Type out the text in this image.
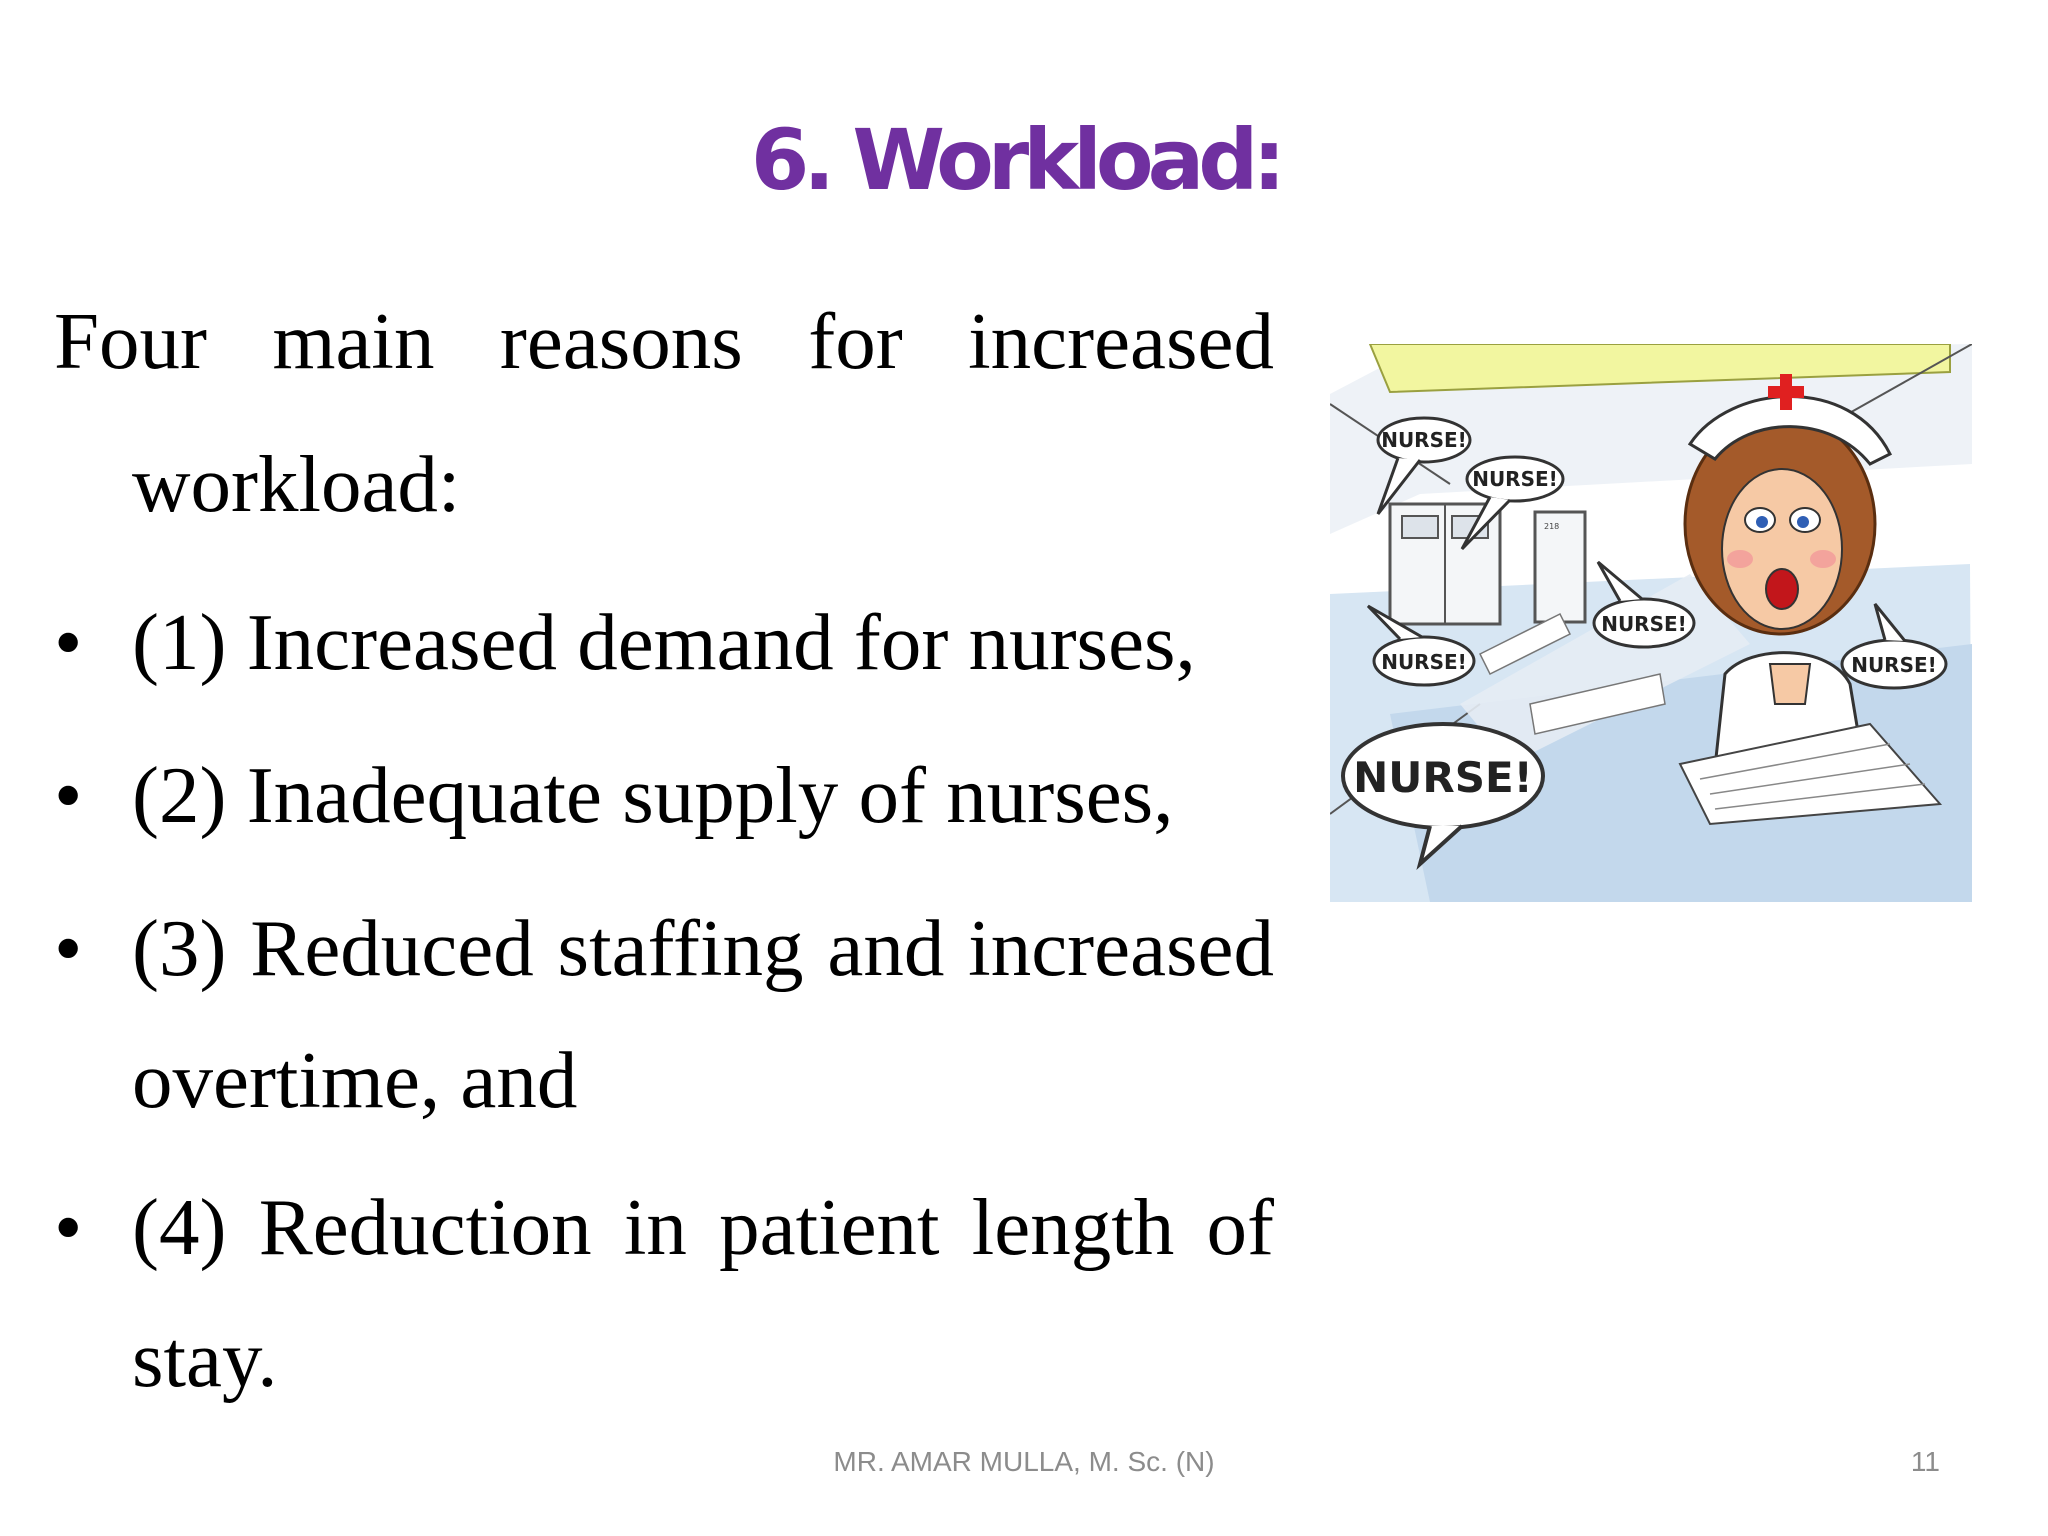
6. Workload:

Four main reasons for increased workload:

• (1) Increased demand for nurses,
• (2) Inadequate supply of nurses,
• (3) Reduced staffing and increased overtime, and
• (4) Reduction in patient length of stay.
218
NURSE!
NURSE!
NURSE!
NURSE!	NURSE!
NURSE!
MR. AMAR MULLA, M. Sc. (N)	11
